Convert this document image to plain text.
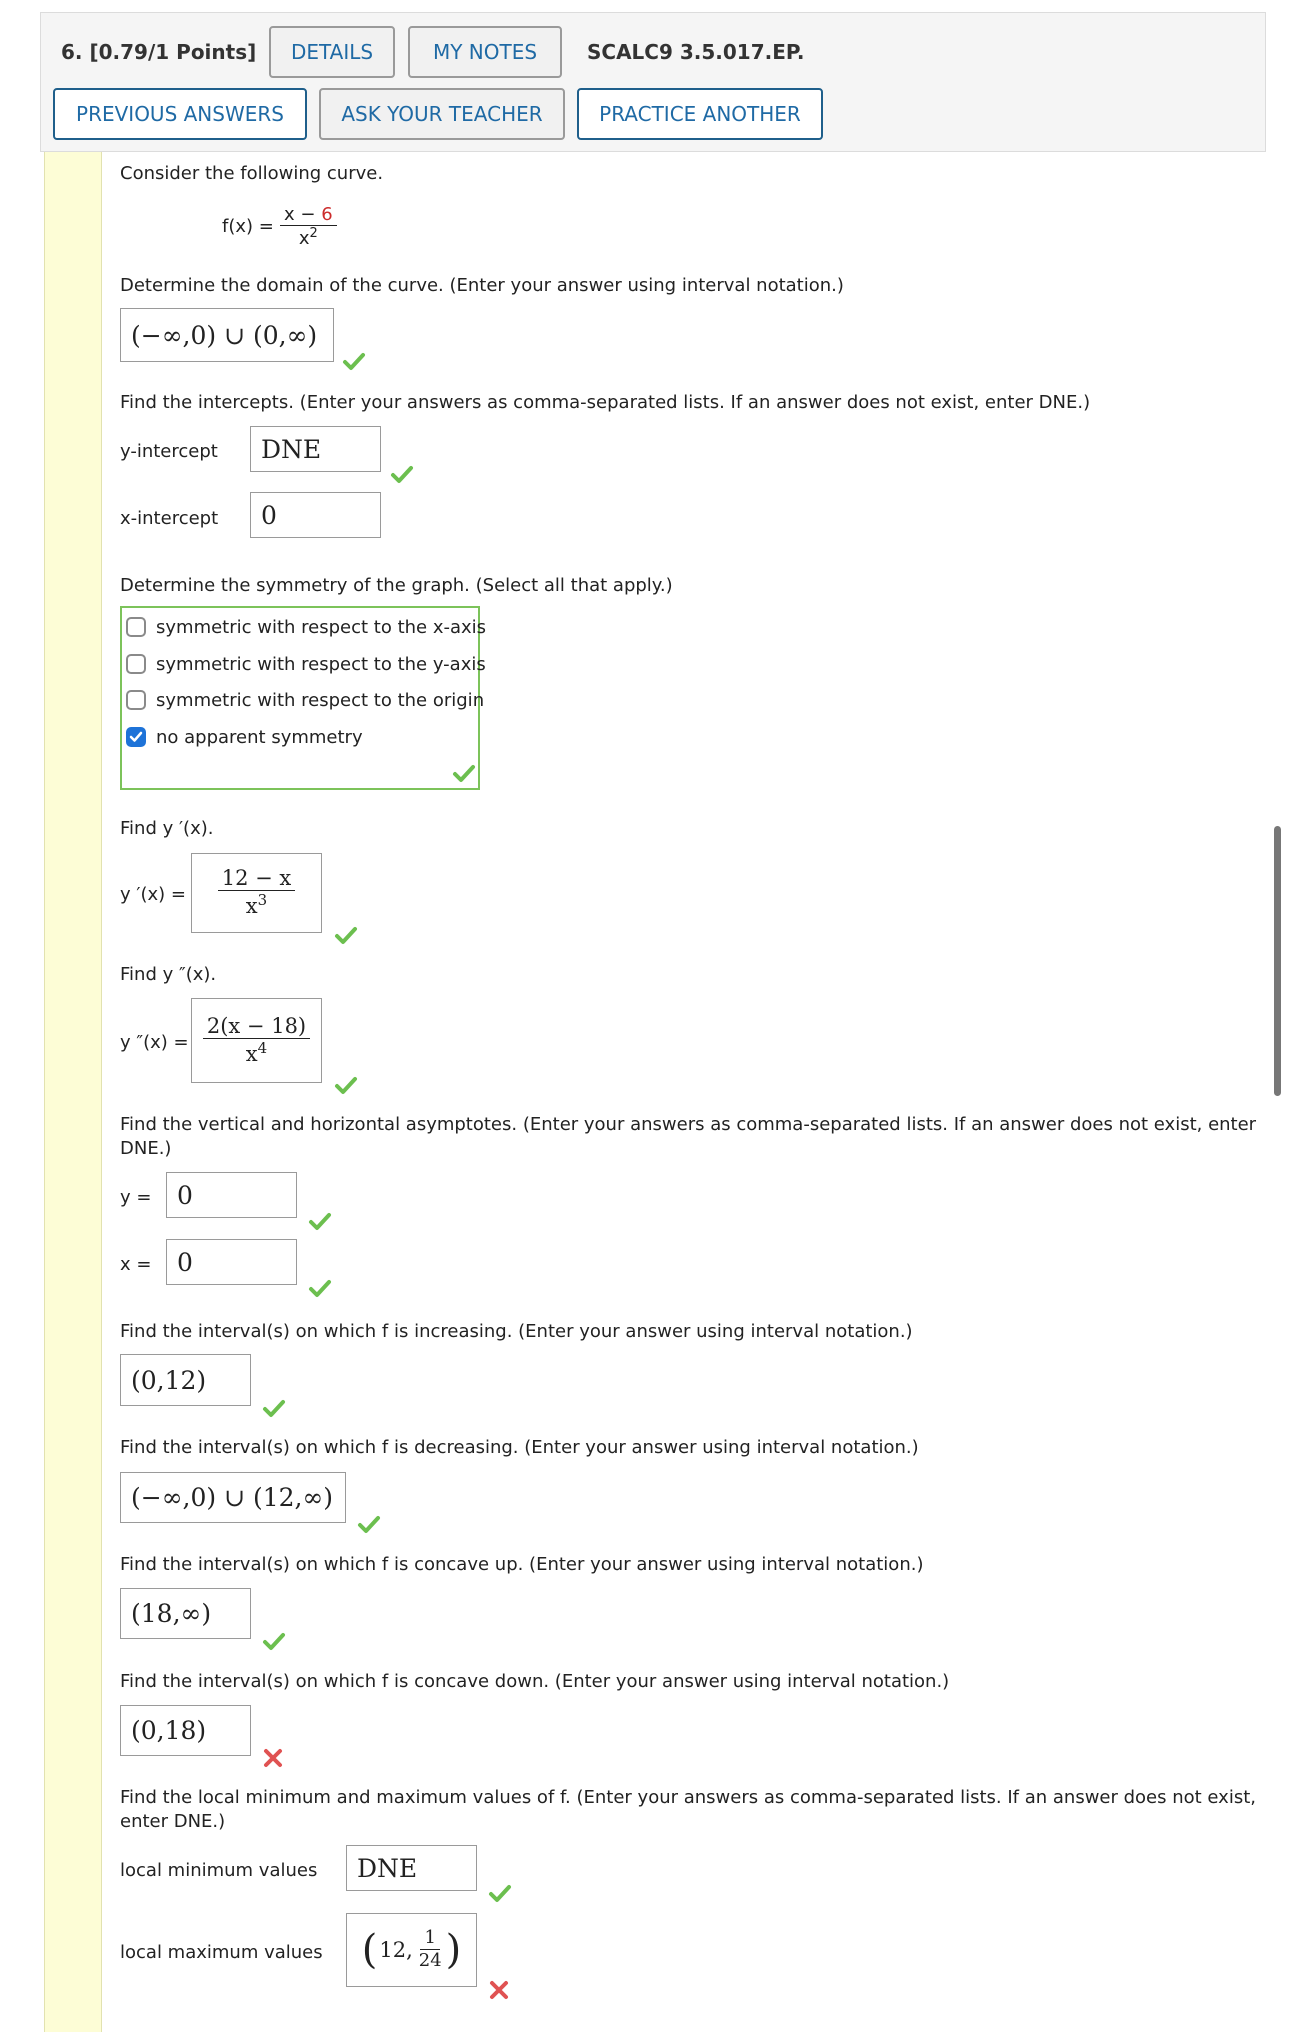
6. [0.79/1 Points]	DETAILS	MY NOTES	SCALC9 3.5.017.EP.
PREVIOUS ANSWERS	ASK YOUR TEACHER	PRACTICE ANOTHER
Consider the following curve.
f(x) =
x − 6
$x^2$
Determine the domain of the curve. (Enter your answer using interval notation.)
(−∞,0) ∪ (0,∞)
Find the intercepts. (Enter your answers as comma-separated lists. If an answer does not exist, enter DNE.)
y-intercept	DNE
x-intercept	0
Determine the symmetry of the graph. (Select all that apply.)
symmetric with respect to the x-axis
symmetric with respect to the y-axis
symmetric with respect to the origin
no apparent symmetry
Find y ′(x).
y $'(x) = \frac{12 - x}{x^3}$
Find y ″(x).
y $''(x) = \frac{2(x - 18)}{x^4}$
Find the vertical and horizontal asymptotes. (Enter your answers as comma-separated lists. If an answer does not exist, enter
DNE.)
y =	0
x =	0
Find the interval(s) on which f is increasing. (Enter your answer using interval notation.)
(0,12)
Find the interval(s) on which f is decreasing. (Enter your answer using interval notation.)
(−∞,0) ∪ (12,∞)
Find the interval(s) on which f is concave up. (Enter your answer using interval notation.)
(18,∞)
Find the interval(s) on which f is concave down. (Enter your answer using interval notation.)
(0,18)
Find the local minimum and maximum values of f. (Enter your answers as comma-separated lists. If an answer does not exist,
enter DNE.)
local minimum values	DNE
local maximum values ( 12, $\frac{1}{24}$ )
